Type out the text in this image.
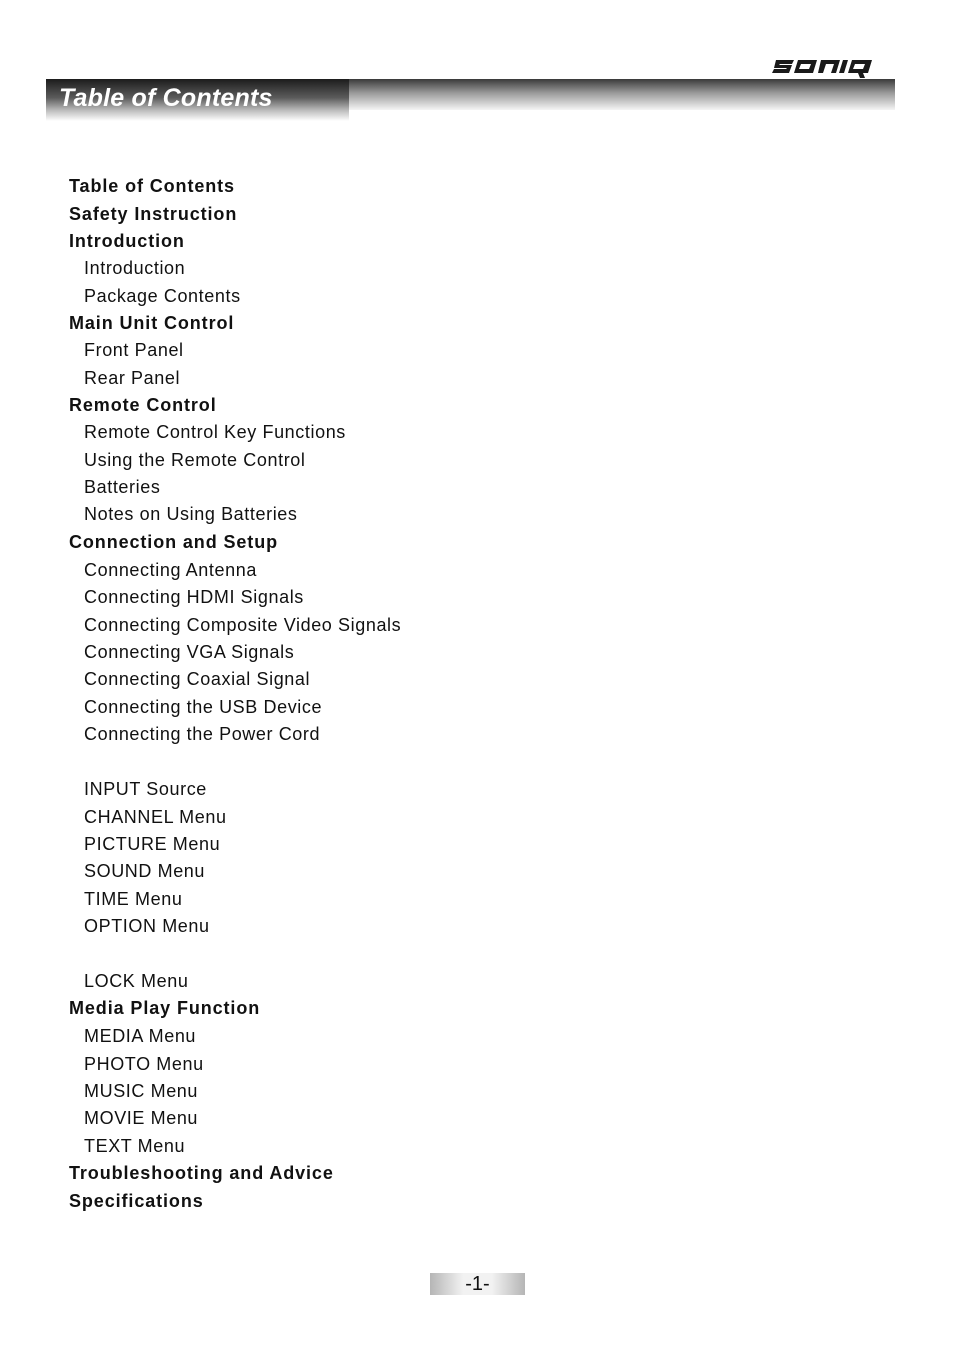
Table of Contents
Table of Contents
Safety Instruction
Introduction
Introduction
Package Contents
Main Unit Control
Front Panel
Rear Panel
Remote Control
Remote Control Key Functions
Using the Remote Control
Batteries
Notes on Using Batteries
Connection and Setup
Connecting Antenna
Connecting HDMI Signals
Connecting Composite Video Signals
Connecting VGA Signals
Connecting Coaxial Signal
Connecting the USB Device
Connecting the Power Cord
INPUT Source
CHANNEL Menu
PICTURE Menu
SOUND Menu
TIME Menu
OPTION Menu
LOCK Menu
Media Play Function
MEDIA Menu
PHOTO Menu
MUSIC Menu
MOVIE Menu
TEXT Menu
Troubleshooting and Advice
Specifications
-1-
